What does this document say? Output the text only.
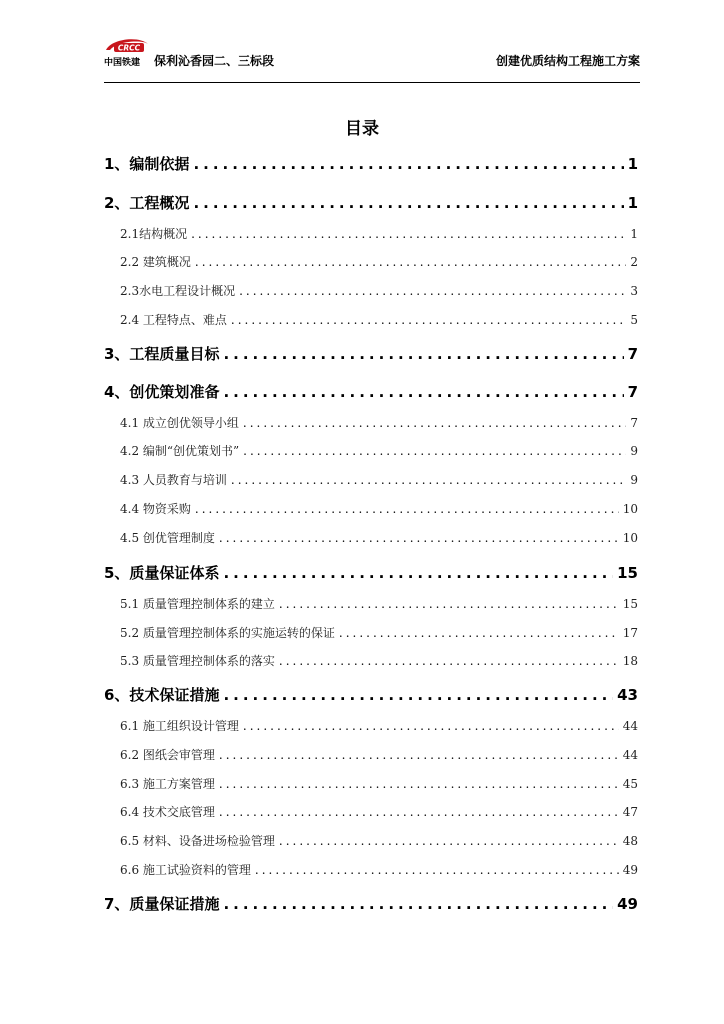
CRCC
中国铁建 保利沁香园二、三标段	创建优质结构工程施工方案
目录
1、编制依据 .....	1
2、工程概况 .....	1
2.1结构概况 .....	1
2.2 建筑概况 .....	2
2.3水电工程设计概况 .....	3
2.4 工程特点、难点 .....	5
3、工程质量目标 .....	7
4、创优策划准备 .....	7
4.1 成立创优领导小组 .....	7
4.2 编制“创优策划书” .....	9
4.3 人员教育与培训 .....	9
4.4 物资采购 .....	10
4.5 创优管理制度 .....	10
5、质量保证体系 .....	15
5.1 质量管理控制体系的建立 .....	15
5.2 质量管理控制体系的实施运转的保证 .....	17
5.3 质量管理控制体系的落实 .....	18
6、技术保证措施 .....	43
6.1 施工组织设计管理 .....	44
6.2 图纸会审管理 .....	44
6.3 施工方案管理 .....	45
6.4 技术交底管理 .....	47
6.5 材料、设备进场检验管理 .....	48
6.6 施工试验资料的管理 .....	49
7、质量保证措施 .....	49
